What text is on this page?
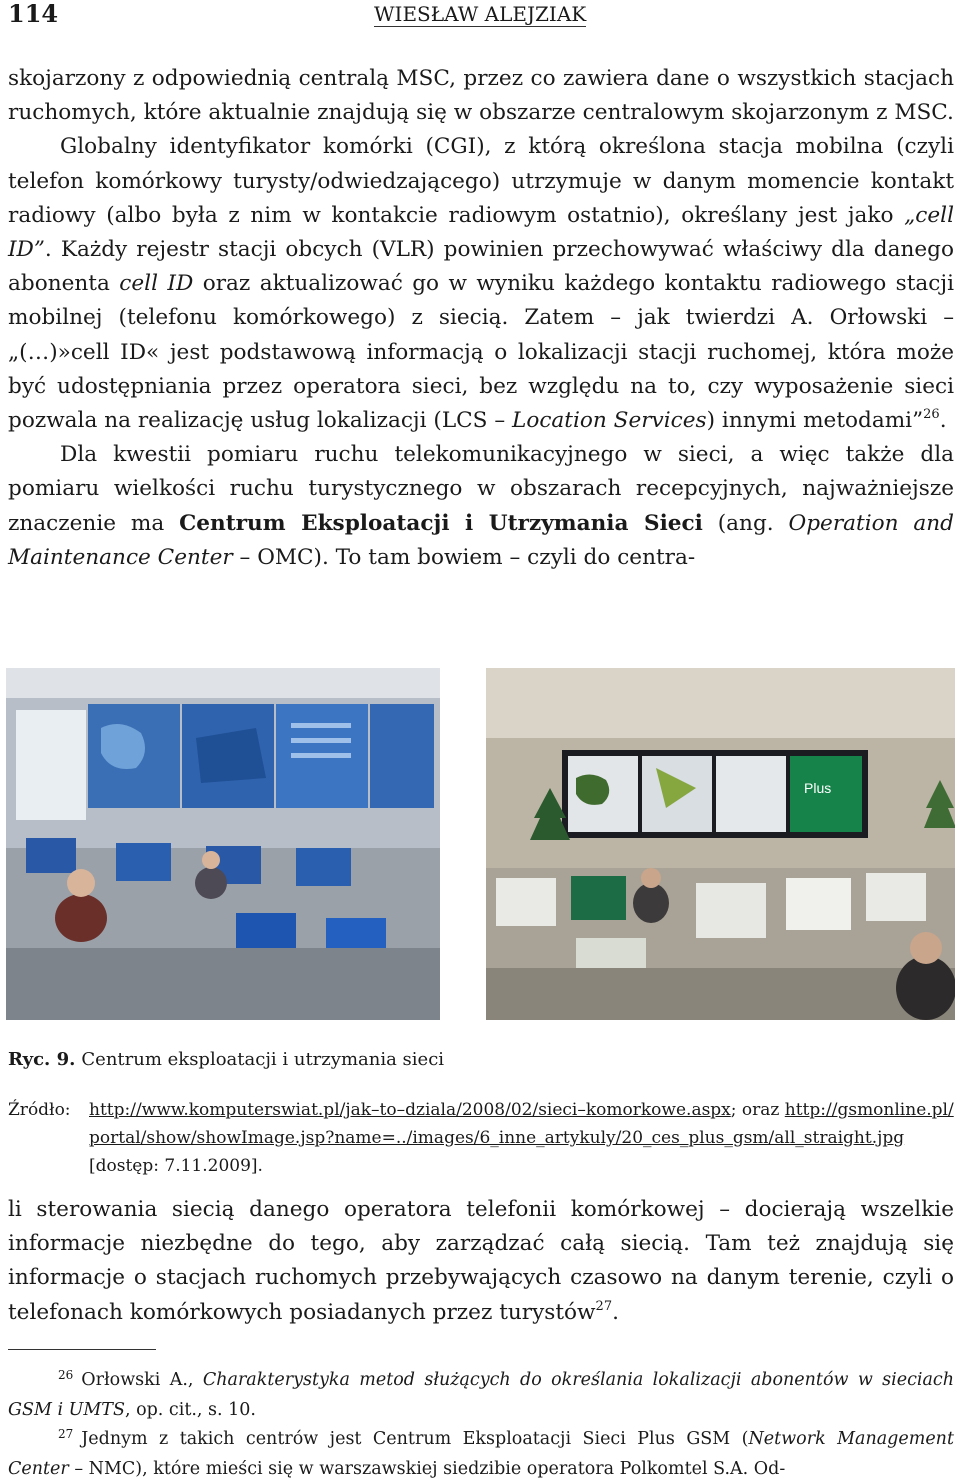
114	WIESŁAW ALEJZIAK

skojarzony z odpowiednią centralą MSC, przez co zawiera dane o wszystkich stacjach ruchomych, które aktualnie znajdują się w obszarze centralowym skojarzonym z MSC.

Globalny identyfikator komórki (CGI), z którą określona stacja mobilna (czyli telefon komórkowy turysty/odwiedzającego) utrzymuje w danym momencie kontakt radiowy (albo była z nim w kontakcie radiowym ostatnio), określany jest jako „cell ID”. Każdy rejestr stacji obcych (VLR) powinien przechowywać właściwy dla danego abonenta cell ID oraz aktualizować go w wyniku każdego kontaktu radiowego stacji mobilnej (telefonu komórkowego) z siecią. Zatem – jak twierdzi A. Orłowski – „(…)»cell ID« jest podstawową informacją o lokalizacji stacji ruchomej, która może być udostępniania przez operatora sieci, bez względu na to, czy wyposażenie sieci pozwala na realizację usług lokalizacji (LCS – Location Services) innymi metodami”$^{26}$.

Dla kwestii pomiaru ruchu telekomunikacyjnego w sieci, a więc także dla pomiaru wielkości ruchu turystycznego w obszarach recepcyjnych, najważniejsze znaczenie ma Centrum Eksploatacji i Utrzymania Sieci (ang. Operation and Maintenance Center – OMC). To tam bowiem – czyli do centra-

Plus
Ryc. 9. Centrum eksploatacji i utrzymania sieci
Źródło: http://www.komputerswiat.pl/jak–to–dziala/2008/02/sieci–komorkowe.aspx; oraz http://gsmonline.pl/portal/show/showImage.jsp?name=../images/6_inne_artykuly/20_ces_plus_gsm/all_straight.jpg [dostęp: 7.11.2009].

li sterowania siecią danego operatora telefonii komórkowej – docierają wszelkie informacje niezbędne do tego, aby zarządzać całą siecią. Tam też znajdują się informacje o stacjach ruchomych przebywających czasowo na danym terenie, czyli o telefonach komórkowych posiadanych przez turystów$^{27}$.

$^{26}$ Orłowski A., Charakterystyka metod służących do określania lokalizacji abonentów w sieciach GSM i UMTS, op. cit., s. 10.
$^{27}$ Jednym z takich centrów jest Centrum Eksploatacji Sieci Plus GSM (Network Management Center – NMC), które mieści się w warszawskiej siedzibie operatora Polkomtel S.A. Od-
